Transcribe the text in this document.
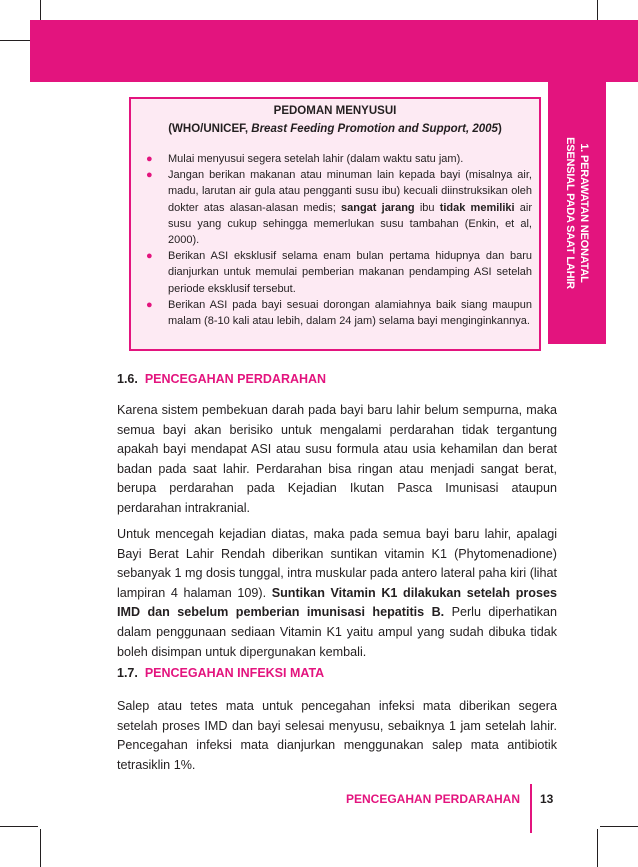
1. PERAWATAN NEONATAL
ESENSIAL PADA SAAT LAHIR
PEDOMAN MENYUSUI
(WHO/UNICEF, Breast Feeding Promotion and Support, 2005)
● Mulai menyusui segera setelah lahir (dalam waktu satu jam).
● Jangan berikan makanan atau minuman lain kepada bayi (misalnya air, madu, larutan air gula atau pengganti susu ibu) kecuali diinstruksikan oleh dokter atas alasan-alasan medis; sangat jarang ibu tidak memiliki air susu yang cukup sehingga memerlukan susu tambahan (Enkin, et al, 2000).
● Berikan ASI eksklusif selama enam bulan pertama hidupnya dan baru dianjurkan untuk memulai pemberian makanan pendamping ASI setelah periode eksklusif tersebut.
● Berikan ASI pada bayi sesuai dorongan alamiahnya baik siang maupun malam (8-10 kali atau lebih, dalam 24 jam) selama bayi menginginkannya.
1.6. PENCEGAHAN PERDARAHAN

Karena sistem pembekuan darah pada bayi baru lahir belum sempurna, maka semua bayi akan berisiko untuk mengalami perdarahan tidak tergantung apakah bayi mendapat ASI atau susu formula atau usia kehamilan dan berat badan pada saat lahir. Perdarahan bisa ringan atau menjadi sangat berat, berupa perdarahan pada Kejadian Ikutan Pasca Imunisasi ataupun perdarahan intrakranial.

Untuk mencegah kejadian diatas, maka pada semua bayi baru lahir, apalagi Bayi Berat Lahir Rendah diberikan suntikan vitamin K1 (Phytomenadione) sebanyak 1 mg dosis tunggal, intra muskular pada antero lateral paha kiri (lihat lampiran 4 halaman 109). Suntikan Vitamin K1 dilakukan setelah proses IMD dan sebelum pemberian imunisasi hepatitis B. Perlu diperhatikan dalam penggunaan sediaan Vitamin K1 yaitu ampul yang sudah dibuka tidak boleh disimpan untuk dipergunakan kembali.

1.7. PENCEGAHAN INFEKSI MATA

Salep atau tetes mata untuk pencegahan infeksi mata diberikan segera setelah proses IMD dan bayi selesai menyusu, sebaiknya 1 jam setelah lahir. Pencegahan infeksi mata dianjurkan menggunakan salep mata antibiotik tetrasiklin 1%.

PENCEGAHAN PERDARAHAN 13
